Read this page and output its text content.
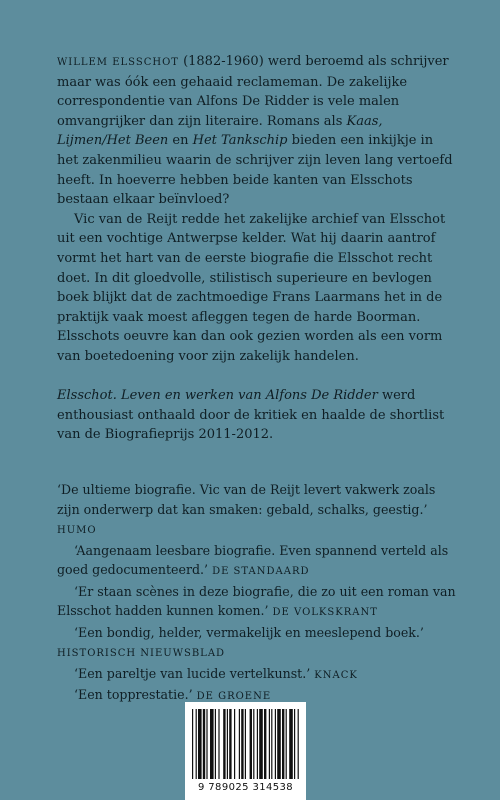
WILLEM ELSSCHOT (1882-1960) werd beroemd als schrijver maar was óók een gehaaid reclameman. De zakelijke correspondentie van Alfons De Ridder is vele malen omvangrijker dan zijn literaire. Romans als Kaas, Lijmen/Het Been en Het Tankschip bieden een inkijkje in het zakenmilieu waarin de schrijver zijn leven lang vertoefd heeft. In hoeverre hebben beide kanten van Elsschots bestaan elkaar beïnvloed?

Vic van de Reijt redde het zakelijke archief van Elsschot uit een vochtige Antwerpse kelder. Wat hij daarin aantrof vormt het hart van de eerste biografie die Elsschot recht doet. In dit gloedvolle, stilistisch superieure en bevlogen boek blijkt dat de zachtmoedige Frans Laarmans het in de praktijk vaak moest afleggen tegen de harde Boorman. Elsschots oeuvre kan dan ook gezien worden als een vorm van boetedoening voor zijn zakelijk handelen.

Elsschot. Leven en werken van Alfons De Ridder werd enthousiast onthaald door de kritiek en haalde de shortlist van de Biografieprijs 2011-2012.

‘De ultieme biografie. Vic van de Reijt levert vakwerk zoals zijn onderwerp dat kan smaken: gebald, schalks, geestig.’ HUMO

‘Aangenaam leesbare biografie. Even spannend verteld als goed gedocumenteerd.’ DE STANDAARD

‘Er staan scènes in deze biografie, die zo uit een roman van Elsschot hadden kunnen komen.’ DE VOLKSKRANT

‘Een bondig, helder, vermakelijk en meeslepend boek.’ HISTORISCH NIEUWSBLAD

‘Een pareltje van lucide vertelkunst.’ KNACK

‘Een topprestatie.’ DE GROENE

9 789025 314538
